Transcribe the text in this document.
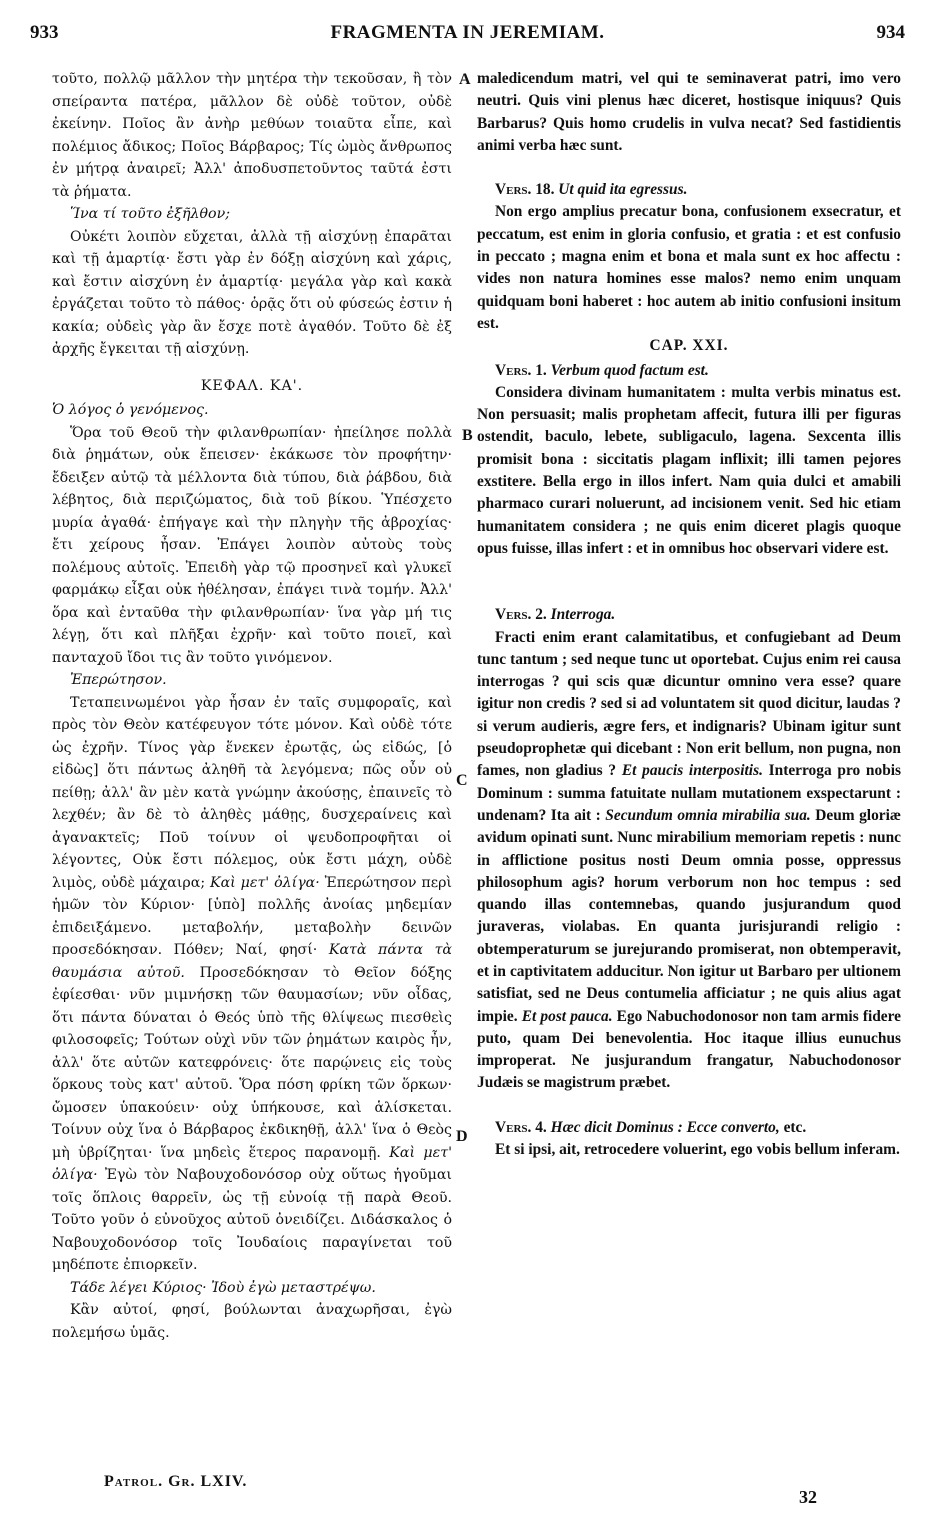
933	FRAGMENTA IN JEREMIAM.	934
A
B
C
D

τοῦτο, πολλῷ μᾶλλον τὴν μητέρα τὴν τεκοῦσαν, ἢ τὸν σπείραντα πατέρα, μᾶλλον δὲ οὐδὲ τοῦτον, οὐδὲ ἐκείνην. Ποῖος ἂν ἀνὴρ μεθύων τοιαῦτα εἶπε, καὶ πολέμιος ἄδικος; Ποῖος Βάρβαρος; Τίς ὠμὸς ἄνθρωπος ἐν μήτρᾳ ἀναιρεῖ; Ἀλλ' ἀποδυσπετοῦντος ταῦτά ἐστι τὰ ῥήματα.

Ἵνα τί τοῦτο ἐξῆλθον;

Οὐκέτι λοιπὸν εὔχεται, ἀλλὰ τῇ αἰσχύνῃ ἐπαρᾶται καὶ τῇ ἁμαρτίᾳ· ἔστι γὰρ ἐν δόξῃ αἰσχύνη καὶ χάρις, καὶ ἔστιν αἰσχύνη ἐν ἁμαρτίᾳ· μεγάλα γὰρ καὶ κακὰ ἐργάζεται τοῦτο τὸ πάθος· ὁρᾷς ὅτι οὐ φύσεώς ἐστιν ἡ κακία; οὐδεὶς γὰρ ἂν ἔσχε ποτὲ ἀγαθόν. Τοῦτο δὲ ἐξ ἀρχῆς ἔγκειται τῇ αἰσχύνῃ.

ΚΕΦΑΛ. ΚΑ'.

Ὁ λόγος ὁ γενόμενος.

Ὅρα τοῦ Θεοῦ τὴν φιλανθρωπίαν· ἠπείλησε πολλὰ διὰ ῥημάτων, οὐκ ἔπεισεν· ἐκάκωσε τὸν προφήτην· ἔδειξεν αὐτῷ τὰ μέλλοντα διὰ τύπου, διὰ ῥάβδου, διὰ λέβητος, διὰ περιζώματος, διὰ τοῦ βίκου. Ὑπέσχετο μυρία ἀγαθά· ἐπήγαγε καὶ τὴν πληγὴν τῆς ἀβροχίας· ἔτι χείρους ἦσαν. Ἐπάγει λοιπὸν αὐτοὺς τοὺς πολέμους αὐτοῖς. Ἐπειδὴ γὰρ τῷ προσηνεῖ καὶ γλυκεῖ φαρμάκῳ εἶξαι οὐκ ἠθέλησαν, ἐπάγει τινὰ τομήν. Ἀλλ' ὅρα καὶ ἐνταῦθα τὴν φιλανθρωπίαν· ἵνα γὰρ μή τις λέγῃ, ὅτι καὶ πλῆξαι ἐχρῆν· καὶ τοῦτο ποιεῖ, καὶ πανταχοῦ ἴδοι τις ἂν τοῦτο γινόμενον.

Ἐπερώτησον.

Τεταπεινωμένοι γὰρ ἦσαν ἐν ταῖς συμφοραῖς, καὶ πρὸς τὸν Θεὸν κατέφευγον τότε μόνον. Καὶ οὐδὲ τότε ὡς ἐχρῆν. Τίνος γὰρ ἕνεκεν ἐρωτᾷς, ὡς εἰδώς, [ὁ εἰδὼς] ὅτι πάντως ἀληθῆ τὰ λεγόμενα; πῶς οὖν οὐ πείθῃ; ἀλλ' ἂν μὲν κατὰ γνώμην ἀκούσῃς, ἐπαινεῖς τὸ λεχθέν; ἂν δὲ τὸ ἀληθὲς μάθῃς, δυσχεραίνεις καὶ ἀγανακτεῖς; Ποῦ τοίνυν οἱ ψευδοπροφῆται οἱ λέγοντες, Οὐκ ἔστι πόλεμος, οὐκ ἔστι μάχη, οὐδὲ λιμὸς, οὐδὲ μάχαιρα; Καὶ μετ' ὀλίγα· Ἐπερώτησον περὶ ἡμῶν τὸν Κύριον· [ὑπὸ] πολλῆς ἀνοίας μηδεμίαν ἐπιδειξάμενο. μεταβολήν, μεταβολὴν δεινῶν προσεδόκησαν. Πόθεν; Ναί, φησί· Κατὰ πάντα τὰ θαυμάσια αὐτοῦ. Προσεδόκησαν τὸ Θεῖον δόξης ἐφίεσθαι· νῦν μιμνήσκῃ τῶν θαυμασίων; νῦν οἶδας, ὅτι πάντα δύναται ὁ Θεός ὑπὸ τῆς θλίψεως πιεσθεὶς φιλοσοφεῖς; Τούτων οὐχὶ νῦν τῶν ῥημάτων καιρὸς ἦν, ἀλλ' ὅτε αὐτῶν κατεφρόνεις· ὅτε παρῴνεις εἰς τοὺς ὅρκους τοὺς κατ' αὐτοῦ. Ὅρα πόση φρίκη τῶν ὅρκων· ὤμοσεν ὑπακούειν· οὐχ ὑπήκουσε, καὶ ἁλίσκεται. Τοίνυν οὐχ ἵνα ὁ Βάρβαρος ἐκδικηθῇ, ἀλλ' ἵνα ὁ Θεὸς μὴ ὑβρίζηται· ἵνα μηδεὶς ἕτερος παρανομῇ. Καὶ μετ' ὀλίγα· Ἐγὼ τὸν Ναβουχοδονόσορ οὐχ οὕτως ἡγοῦμαι τοῖς ὅπλοις θαρρεῖν, ὡς τῇ εὐνοίᾳ τῇ παρὰ Θεοῦ. Τοῦτο γοῦν ὁ εὐνοῦχος αὐτοῦ ὀνειδίζει. Διδάσκαλος ὁ Ναβουχοδονόσορ τοῖς Ἰουδαίοις παραγίνεται τοῦ μηδέποτε ἐπιορκεῖν.

Τάδε λέγει Κύριος· Ἰδοὺ ἐγὼ μεταστρέψω.

Κἂν αὐτοί, φησί, βούλωνται ἀναχωρῆσαι, ἐγὼ πολεμήσω ὑμᾶς.

Patrol. Gr. LXIV.

maledicendum matri, vel qui te seminaverat patri, imo vero neutri. Quis vini plenus hæc diceret, hostisque iniquus? Quis Barbarus? Quis homo crudelis in vulva necat? Sed fastidientis animi verba hæc sunt.

Vers. 18. Ut quid ita egressus.

Non ergo amplius precatur bona, confusionem exsecratur, et peccatum, est enim in gloria confusio, et gratia : et est confusio in peccato ; magna enim et bona et mala sunt ex hoc affectu : vides non natura homines esse malos? nemo enim unquam quidquam boni haberet : hoc autem ab initio confusioni insitum est.

CAP. XXI.

Vers. 1. Verbum quod factum est.

Considera divinam humanitatem : multa verbis minatus est. Non persuasit; malis prophetam affecit, futura illi per figuras ostendit, baculo, lebete, subligaculo, lagena. Sexcenta illis promisit bona : siccitatis plagam inflixit; illi tamen pejores exstitere. Bella ergo in illos infert. Nam quia dulci et amabili pharmaco curari noluerunt, ad incisionem venit. Sed hic etiam humanitatem considera ; ne quis enim diceret plagis quoque opus fuisse, illas infert : et in omnibus hoc observari videre est.

Vers. 2. Interroga.

Fracti enim erant calamitatibus, et confugiebant ad Deum tunc tantum ; sed neque tunc ut oportebat. Cujus enim rei causa interrogas ? qui scis quæ dicuntur omnino vera esse? quare igitur non credis ? sed si ad voluntatem sit quod dicitur, laudas ? si verum audieris, ægre fers, et indignaris? Ubinam igitur sunt pseudoprophetæ qui dicebant : Non erit bellum, non pugna, non fames, non gladius ? Et paucis interpositis. Interroga pro nobis Dominum : summa fatuitate nullam mutationem exspectarunt : undenam? Ita ait : Secundum omnia mirabilia sua. Deum gloriæ avidum opinati sunt. Nunc mirabilium memoriam repetis : nunc in afflictione positus nosti Deum omnia posse, oppressus philosophum agis? horum verborum non hoc tempus : sed quando illas contemnebas, quando jusjurandum quod juraveras, violabas. En quanta jurisjurandi religio : obtemperaturum se jurejurando promiserat, non obtemperavit, et in captivitatem adducitur. Non igitur ut Barbaro per ultionem satisfiat, sed ne Deus contumelia afficiatur ; ne quis alius agat impie. Et post pauca. Ego Nabuchodonosor non tam armis fidere puto, quam Dei benevolentia. Hoc itaque illius eunuchus improperat. Ne jusjurandum frangatur, Nabuchodonosor Judæis se magistrum præbet.

Vers. 4. Hæc dicit Dominus : Ecce converto, etc.

Et si ipsi, ait, retrocedere voluerint, ego vobis bellum inferam.

32
